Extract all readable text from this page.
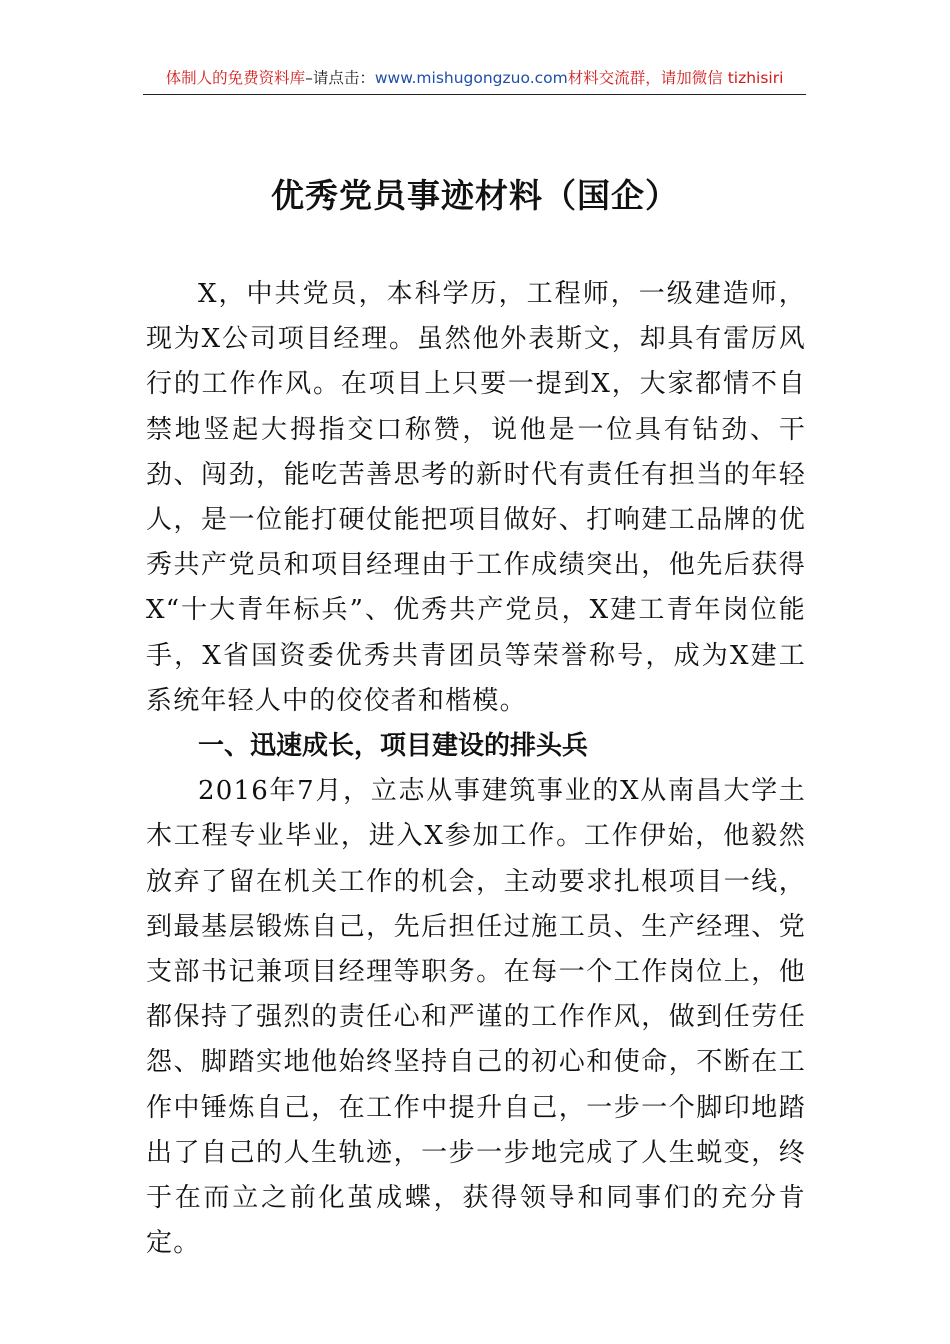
体制人的免费资料库–请点击：www.mishugongzuo.com材料交流群，请加微信 tizhisiri
优秀党员事迹材料（国企）

X，中共党员，本科学历，工程师，一级建造师，现为X公司项目经理。虽然他外表斯文，却具有雷厉风行的工作作风。在项目上只要一提到X，大家都情不自禁地竖起大拇指交口称赞，说他是一位具有钻劲、干劲、闯劲，能吃苦善思考的新时代有责任有担当的年轻人，是一位能打硬仗能把项目做好、打响建工品牌的优秀共产党员和项目经理由于工作成绩突出，他先后获得X“十大青年标兵”、优秀共产党员，X建工青年岗位能手，X省国资委优秀共青团员等荣誉称号，成为X建工系统年轻人中的佼佼者和楷模。

一、迅速成长，项目建设的排头兵

2016年7月，立志从事建筑事业的X从南昌大学土木工程专业毕业，进入X参加工作。工作伊始，他毅然放弃了留在机关工作的机会，主动要求扎根项目一线，到最基层锻炼自己，先后担任过施工员、生产经理、党支部书记兼项目经理等职务。在每一个工作岗位上，他都保持了强烈的责任心和严谨的工作作风，做到任劳任怨、脚踏实地他始终坚持自己的初心和使命，不断在工作中锤炼自己，在工作中提升自己，一步一个脚印地踏出了自己的人生轨迹，一步一步地完成了人生蜕变，终于在而立之前化茧成蝶，获得领导和同事们的充分肯定。
